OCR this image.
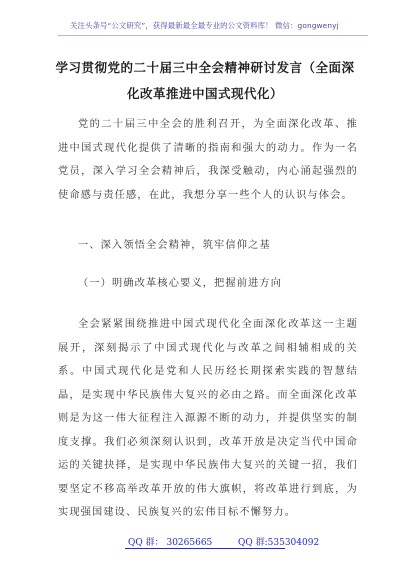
关注头条号“公文研究”，获得最新最全最专业的公文资料库！ 微信：gongwenyj
学习贯彻党的二十届三中全会精神研讨发言（全面深化改革推进中国式现代化）
党的二十届三中全会的胜利召开，为全面深化改革、推进中国式现代化提供了清晰的指南和强大的动力。作为一名党员，深入学习全会精神后，我深受触动，内心涌起强烈的使命感与责任感，在此，我想分享一些个人的认识与体会。
一、深入领悟全会精神，筑牢信仰之基
（一）明确改革核心要义，把握前进方向
全会紧紧围绕推进中国式现代化全面深化改革这一主题展开，深刻揭示了中国式现代化与改革之间相辅相成的关系。中国式现代化是党和人民历经长期探索实践的智慧结晶，是实现中华民族伟大复兴的必由之路。而全面深化改革则是为这一伟大征程注入源源不断的动力，并提供坚实的制度支撑。我们必须深刻认识到，改革开放是决定当代中国命运的关键抉择，是实现中华民族伟大复兴的关键一招，我们要坚定不移高举改革开放的伟大旗帜，将改革进行到底，为实现强国建设、民族复兴的宏伟目标不懈努力。
QQ 群： 30265665	QQ 群:535304092
